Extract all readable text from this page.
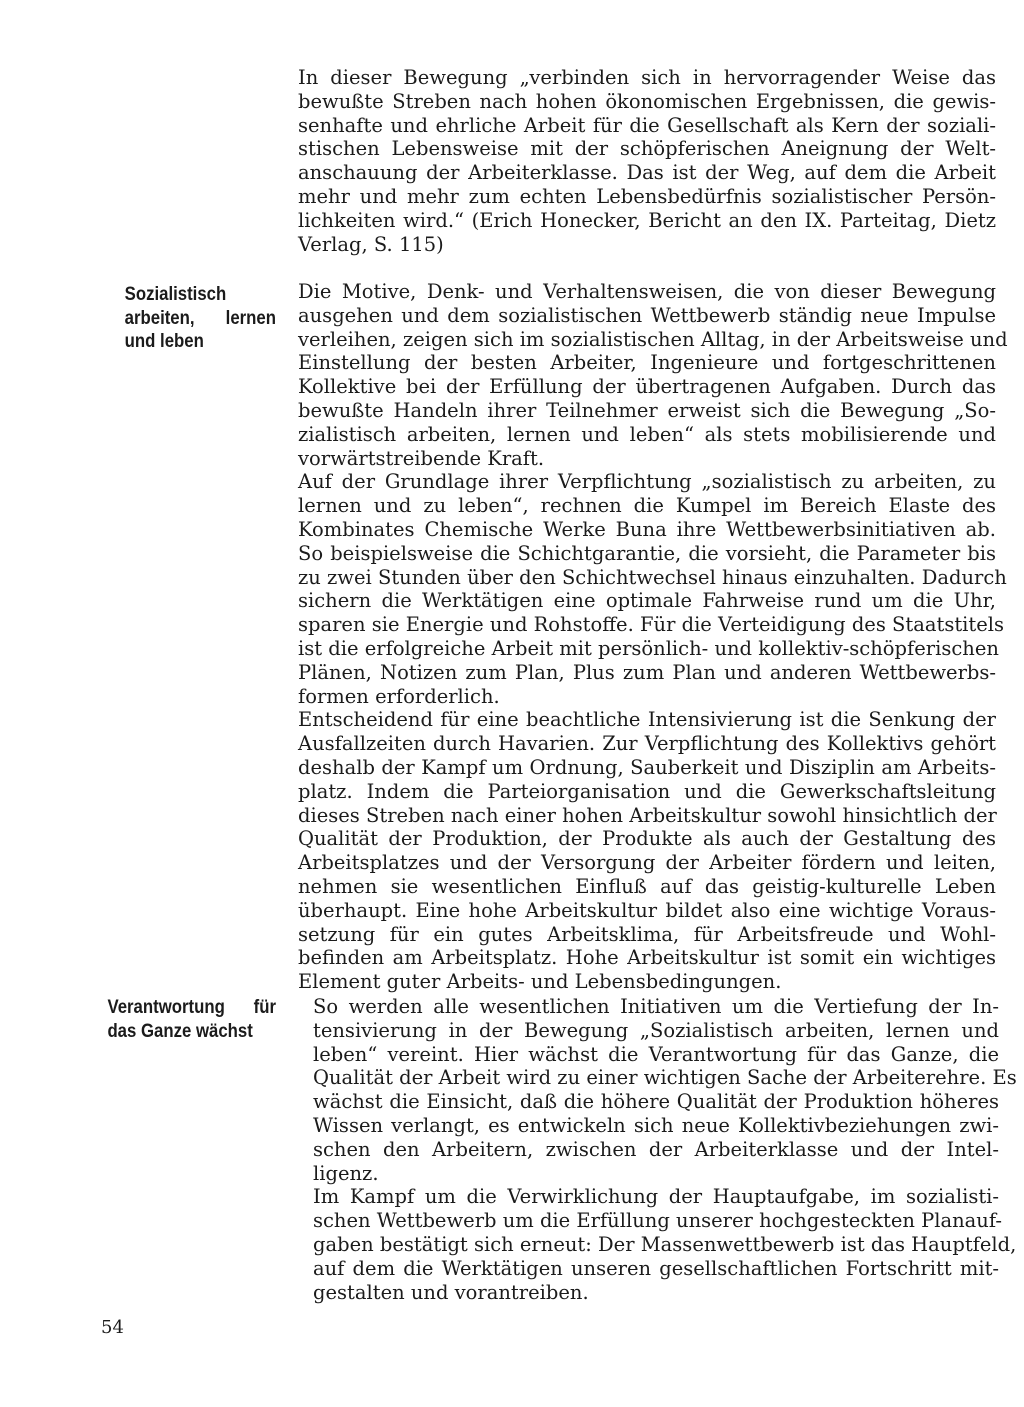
In dieser Bewegung „verbinden sich in hervorragender Weise das
bewußte Streben nach hohen ökonomischen Ergebnissen, die gewis-
senhafte und ehrliche Arbeit für die Gesellschaft als Kern der soziali-
stischen Lebensweise mit der schöpferischen Aneignung der Welt-
anschauung der Arbeiterklasse. Das ist der Weg, auf dem die Arbeit
mehr und mehr zum echten Lebensbedürfnis sozialistischer Persön-
lichkeiten wird.“ (Erich Honecker, Bericht an den IX. Parteitag, Dietz
Verlag, S. 115)

Sozialistisch
arbeiten, lernen
und leben

Die Motive, Denk- und Verhaltensweisen, die von dieser Bewegung
ausgehen und dem sozialistischen Wettbewerb ständig neue Impulse
verleihen, zeigen sich im sozialistischen Alltag, in der Arbeitsweise und
Einstellung der besten Arbeiter, Ingenieure und fortgeschrittenen
Kollektive bei der Erfüllung der übertragenen Aufgaben. Durch das
bewußte Handeln ihrer Teilnehmer erweist sich die Bewegung „So-
zialistisch arbeiten, lernen und leben“ als stets mobilisierende und
vorwärtstreibende Kraft.

Auf der Grundlage ihrer Verpflichtung „sozialistisch zu arbeiten, zu
lernen und zu leben“, rechnen die Kumpel im Bereich Elaste des
Kombinates Chemische Werke Buna ihre Wettbewerbsinitiativen ab.
So beispielsweise die Schichtgarantie, die vorsieht, die Parameter bis
zu zwei Stunden über den Schichtwechsel hinaus einzuhalten. Dadurch
sichern die Werktätigen eine optimale Fahrweise rund um die Uhr,
sparen sie Energie und Rohstoffe. Für die Verteidigung des Staatstitels
ist die erfolgreiche Arbeit mit persönlich- und kollektiv-schöpferischen
Plänen, Notizen zum Plan, Plus zum Plan und anderen Wettbewerbs-
formen erforderlich.

Entscheidend für eine beachtliche Intensivierung ist die Senkung der
Ausfallzeiten durch Havarien. Zur Verpflichtung des Kollektivs gehört
deshalb der Kampf um Ordnung, Sauberkeit und Disziplin am Arbeits-
platz. Indem die Parteiorganisation und die Gewerkschaftsleitung
dieses Streben nach einer hohen Arbeitskultur sowohl hinsichtlich der
Qualität der Produktion, der Produkte als auch der Gestaltung des
Arbeitsplatzes und der Versorgung der Arbeiter fördern und leiten,
nehmen sie wesentlichen Einfluß auf das geistig-kulturelle Leben
überhaupt. Eine hohe Arbeitskultur bildet also eine wichtige Voraus-
setzung für ein gutes Arbeitsklima, für Arbeitsfreude und Wohl-
befinden am Arbeitsplatz. Hohe Arbeitskultur ist somit ein wichtiges
Element guter Arbeits- und Lebensbedingungen.

Verantwortung für
das Ganze wächst

So werden alle wesentlichen Initiativen um die Vertiefung der In-
tensivierung in der Bewegung „Sozialistisch arbeiten, lernen und
leben“ vereint. Hier wächst die Verantwortung für das Ganze, die
Qualität der Arbeit wird zu einer wichtigen Sache der Arbeiterehre. Es
wächst die Einsicht, daß die höhere Qualität der Produktion höheres
Wissen verlangt, es entwickeln sich neue Kollektivbeziehungen zwi-
schen den Arbeitern, zwischen der Arbeiterklasse und der Intel-
ligenz.

Im Kampf um die Verwirklichung der Hauptaufgabe, im sozialisti-
schen Wettbewerb um die Erfüllung unserer hochgesteckten Planauf-
gaben bestätigt sich erneut: Der Massenwettbewerb ist das Hauptfeld,
auf dem die Werktätigen unseren gesellschaftlichen Fortschritt mit-
gestalten und vorantreiben.

54
